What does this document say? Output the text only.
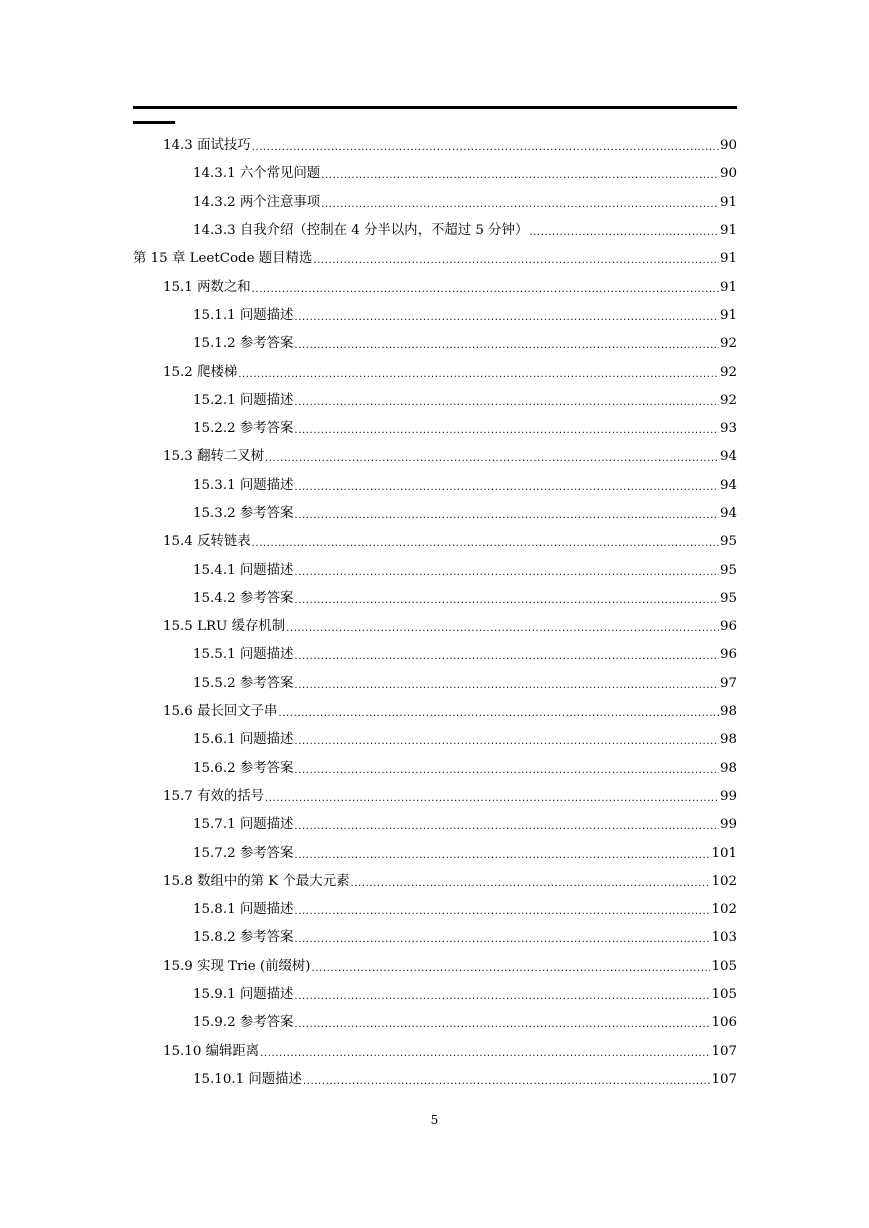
14.3 面试技巧 .....	90
14.3.1 六个常见问题 .....	90
14.3.2 两个注意事项 .....	91
14.3.3 自我介绍（控制在 4 分半以内，不超过 5 分钟） .....	91
第 15 章 LeetCode 题目精选 .....	91
15.1 两数之和 .....	91
15.1.1 问题描述 .....	91
15.1.2 参考答案 .....	92
15.2 爬楼梯 .....	92
15.2.1 问题描述 .....	92
15.2.2 参考答案 .....	93
15.3 翻转二叉树 .....	94
15.3.1 问题描述 .....	94
15.3.2 参考答案 .....	94
15.4 反转链表 .....	95
15.4.1 问题描述 .....	95
15.4.2 参考答案 .....	95
15.5 LRU 缓存机制 .....	96
15.5.1 问题描述 .....	96
15.5.2 参考答案 .....	97
15.6 最长回文子串 .....	98
15.6.1 问题描述 .....	98
15.6.2 参考答案 .....	98
15.7 有效的括号 .....	99
15.7.1 问题描述 .....	99
15.7.2 参考答案 .....	101
15.8 数组中的第 K 个最大元素 .....	102
15.8.1 问题描述 .....	102
15.8.2 参考答案 .....	103
15.9 实现 Trie (前缀树) .....	105
15.9.1 问题描述 .....	105
15.9.2 参考答案 .....	106
15.10 编辑距离 .....	107
15.10.1 问题描述 .....	107
5
